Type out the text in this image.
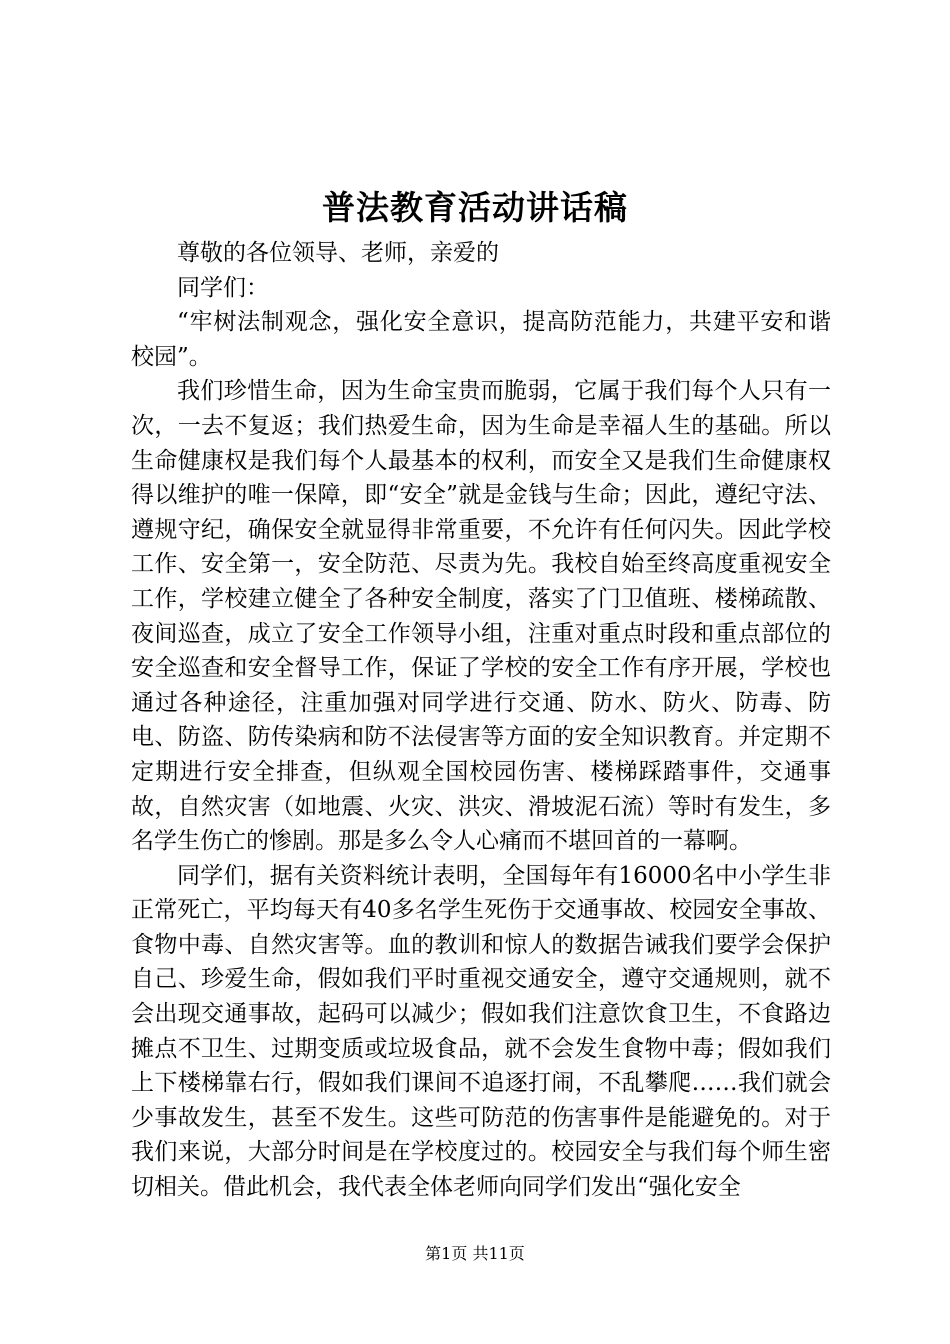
普法教育活动讲话稿

尊敬的各位领导、老师，亲爱的

同学们：

“牢树法制观念，强化安全意识，提高防范能力，共建平安和谐校园”。

我们珍惜生命，因为生命宝贵而脆弱，它属于我们每个人只有一次，一去不复返；我们热爱生命，因为生命是幸福人生的基础。所以生命健康权是我们每个人最基本的权利，而安全又是我们生命健康权得以维护的唯一保障，即“安全”就是金钱与生命；因此，遵纪守法、遵规守纪，确保安全就显得非常重要，不允许有任何闪失。因此学校工作、安全第一，安全防范、尽责为先。我校自始至终高度重视安全工作，学校建立健全了各种安全制度，落实了门卫值班、楼梯疏散、夜间巡查，成立了安全工作领导小组，注重对重点时段和重点部位的安全巡查和安全督导工作，保证了学校的安全工作有序开展，学校也通过各种途径，注重加强对同学进行交通、防水、防火、防毒、防电、防盗、防传染病和防不法侵害等方面的安全知识教育。并定期不定期进行安全排查，但纵观全国校园伤害、楼梯踩踏事件，交通事故，自然灾害（如地震、火灾、洪灾、滑坡泥石流）等时有发生，多名学生伤亡的惨剧。那是多么令人心痛而不堪回首的一幕啊。

同学们，据有关资料统计表明，全国每年有16000名中小学生非正常死亡，平均每天有40多名学生死伤于交通事故、校园安全事故、食物中毒、自然灾害等。血的教训和惊人的数据告诫我们要学会保护自己、珍爱生命，假如我们平时重视交通安全，遵守交通规则，就不会出现交通事故，起码可以减少；假如我们注意饮食卫生，不食路边摊点不卫生、过期变质或垃圾食品，就不会发生食物中毒；假如我们上下楼梯靠右行，假如我们课间不追逐打闹，不乱攀爬……我们就会少事故发生，甚至不发生。这些可防范的伤害事件是能避免的。对于我们来说，大部分时间是在学校度过的。校园安全与我们每个师生密切相关。借此机会，我代表全体老师向同学们发出“强化安全

第1页 共11页
